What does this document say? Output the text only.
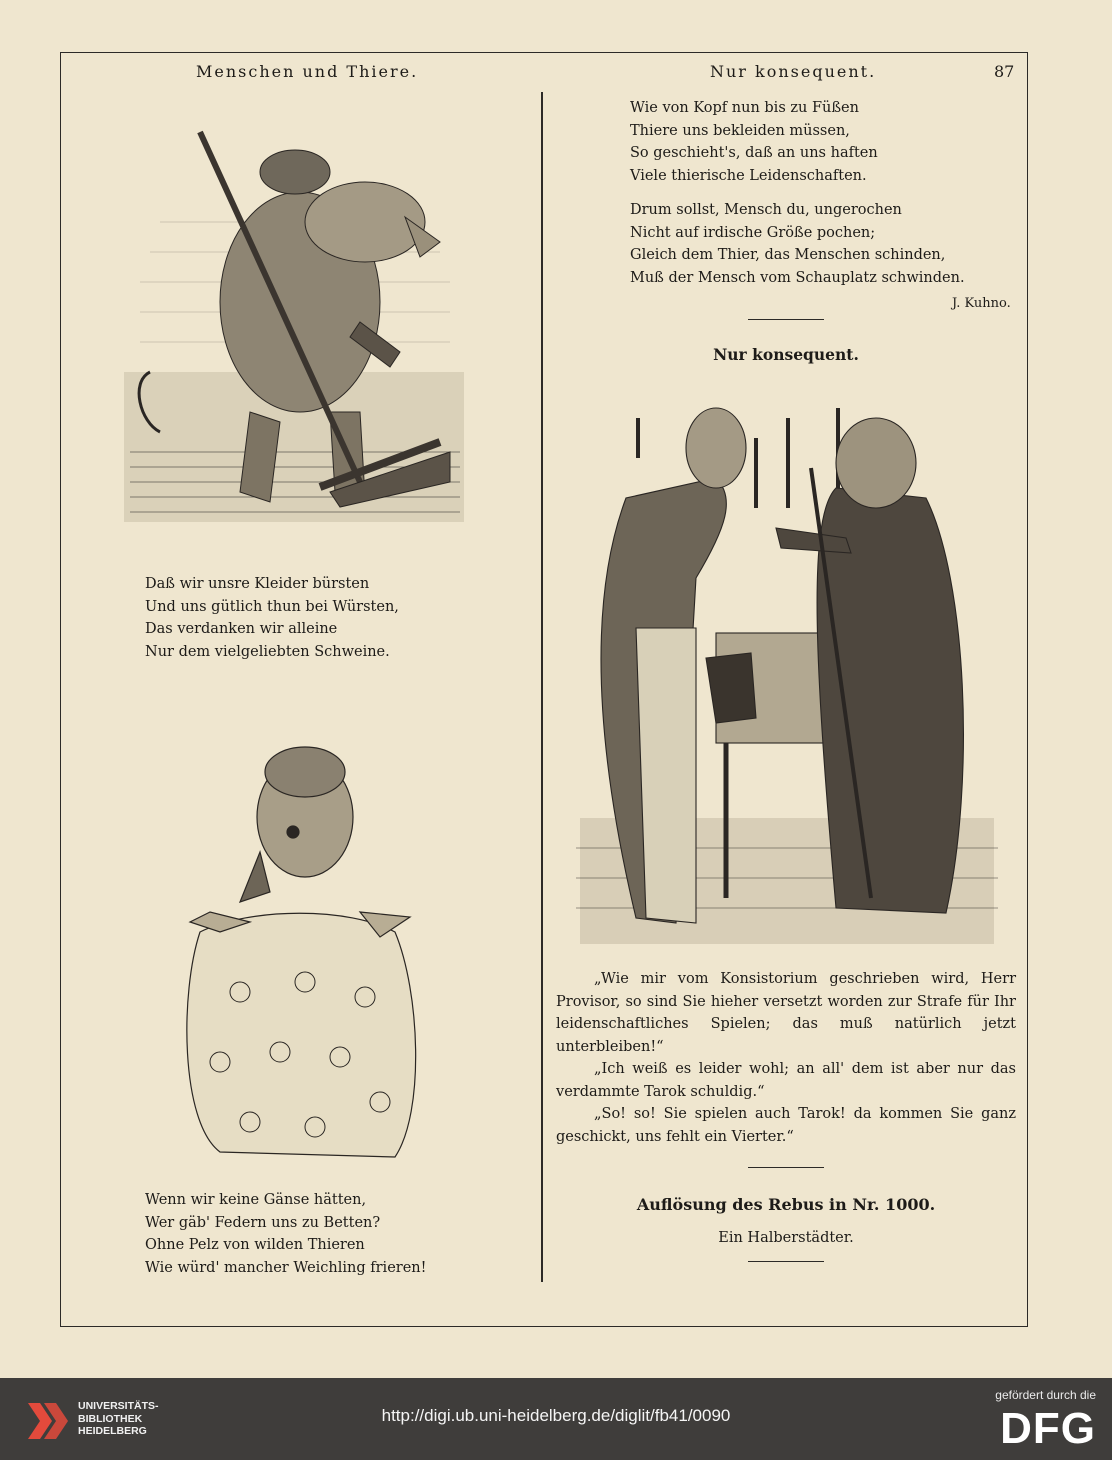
Menschen und Thiere.	Nur konsequent.	87
Wie von Kopf nun bis zu Füßen
Thiere uns bekleiden müssen,
So geschieht's, daß an uns haften
Viele thierische Leidenschaften.
Drum sollst, Mensch du, ungerochen
Nicht auf irdische Größe pochen;
Gleich dem Thier, das Menschen schinden,
Muß der Mensch vom Schauplatz schwinden.
J. Kuhno.
Nur konsequent.
Daß wir unsre Kleider bürsten
Und uns gütlich thun bei Würsten,
Das verdanken wir alleine
Nur dem vielgeliebten Schweine.
Wenn wir keine Gänse hätten,
Wer gäb' Federn uns zu Betten?
Ohne Pelz von wilden Thieren
Wie würd' mancher Weichling frieren!

„Wie mir vom Konsistorium geschrieben wird, Herr Provisor, so sind Sie hieher versetzt worden zur Strafe für Ihr leidenschaftliches Spielen; das muß natürlich jetzt unterbleiben!“

„Ich weiß es leider wohl; an all' dem ist aber nur das verdammte Tarok schuldig.“

„So! so! Sie spielen auch Tarok! da kommen Sie ganz geschickt, uns fehlt ein Vierter.“

Auflösung des Rebus in Nr. 1000.
Ein Halberstädter.
UNIVERSITÄTS-
BIBLIOTHEK
HEIDELBERG
http://digi.ub.uni-heidelberg.de/diglit/fb41/0090
gefördert durch die
DFG
